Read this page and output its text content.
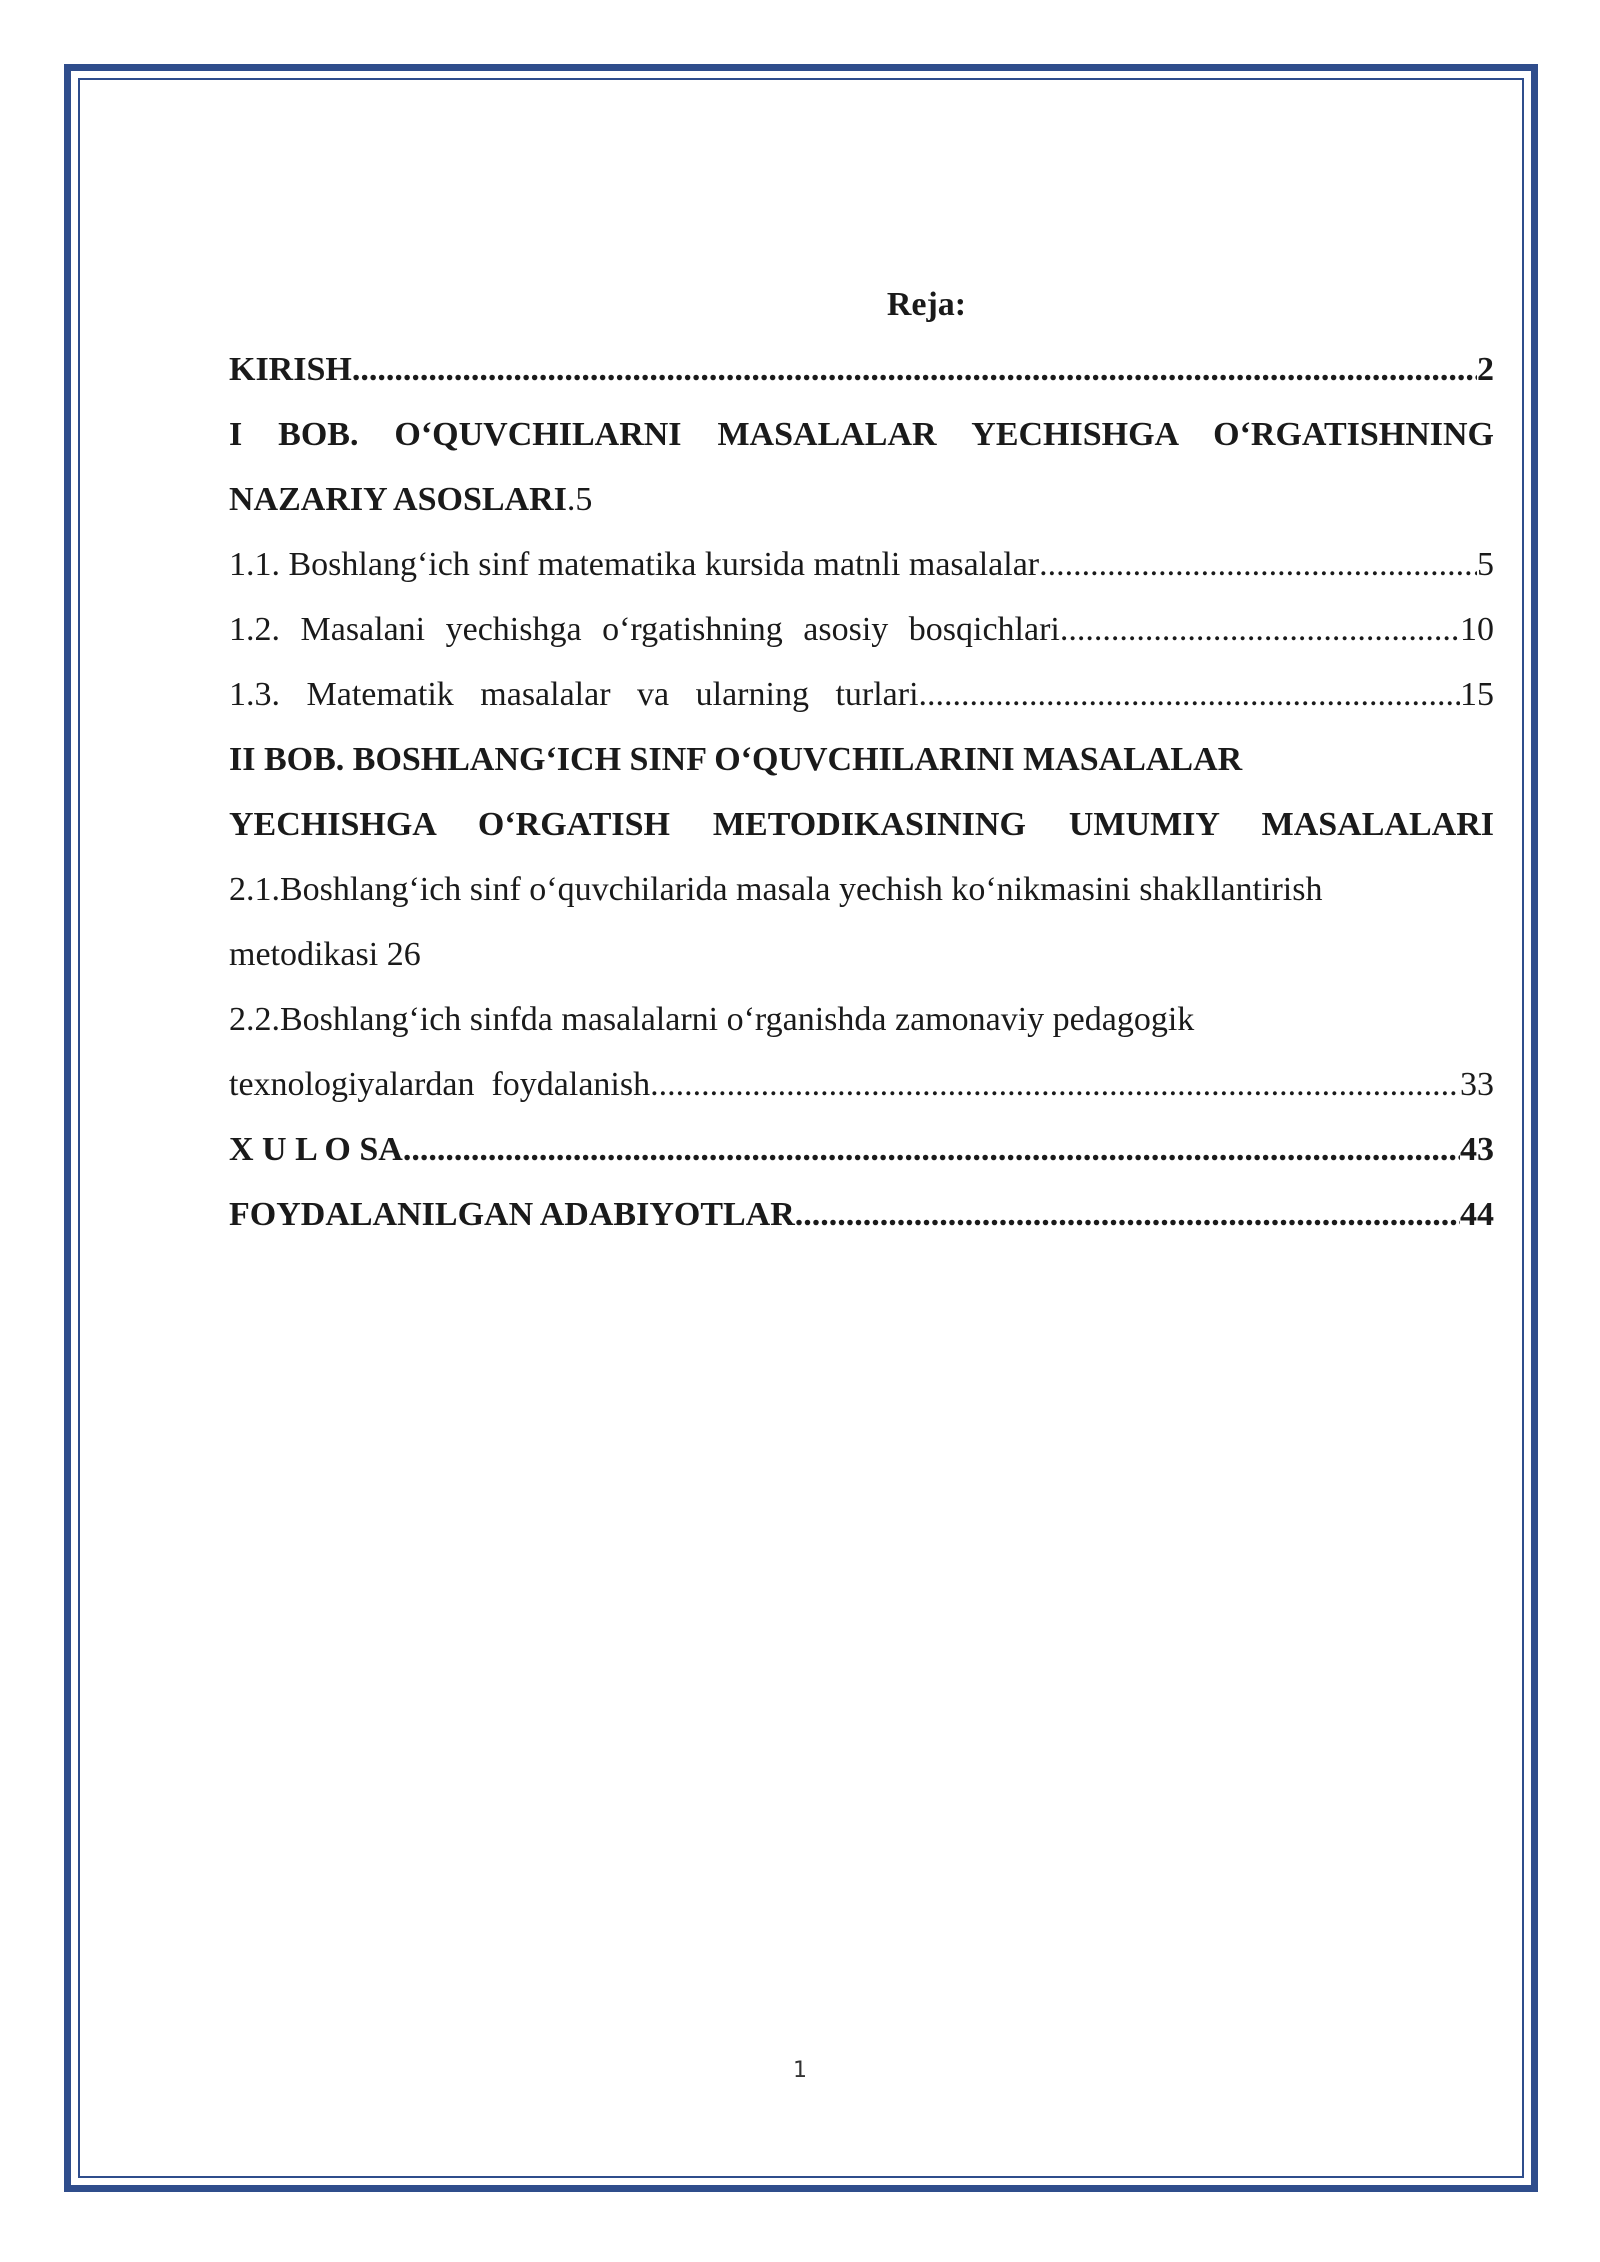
Reja:
KIRISH .....	2
I BOB. O‘QUVCHILARNI MASALALAR YECHISHGA O‘RGATISHNING
NAZARIY ASOSLARI .5
1.1. Boshlang‘ich sinf matematika kursida matnli masalalar .....	5
1.2. Masalani yechishga o‘rgatishning asosiy bosqichlari .....	10
1.3. Matematik masalalar va ularning turlari .....	15
II BOB. BOSHLANG‘ICH SINF O‘QUVCHILARINI MASALALAR
YECHISHGA O‘RGATISH METODIKASINING UMUMIY MASALALARI
2.1.Boshlang‘ich sinf o‘quvchilarida masala yechish ko‘nikmasini shakllantirish
metodikasi 26
2.2.Boshlang‘ich sinfda masalalarni o‘rganishda zamonaviy pedagogik
texnologiyalardan  foydalanish .....	33
X U L O SA .....	43
FOYDALANILGAN ADABIYOTLAR .....	44
1
